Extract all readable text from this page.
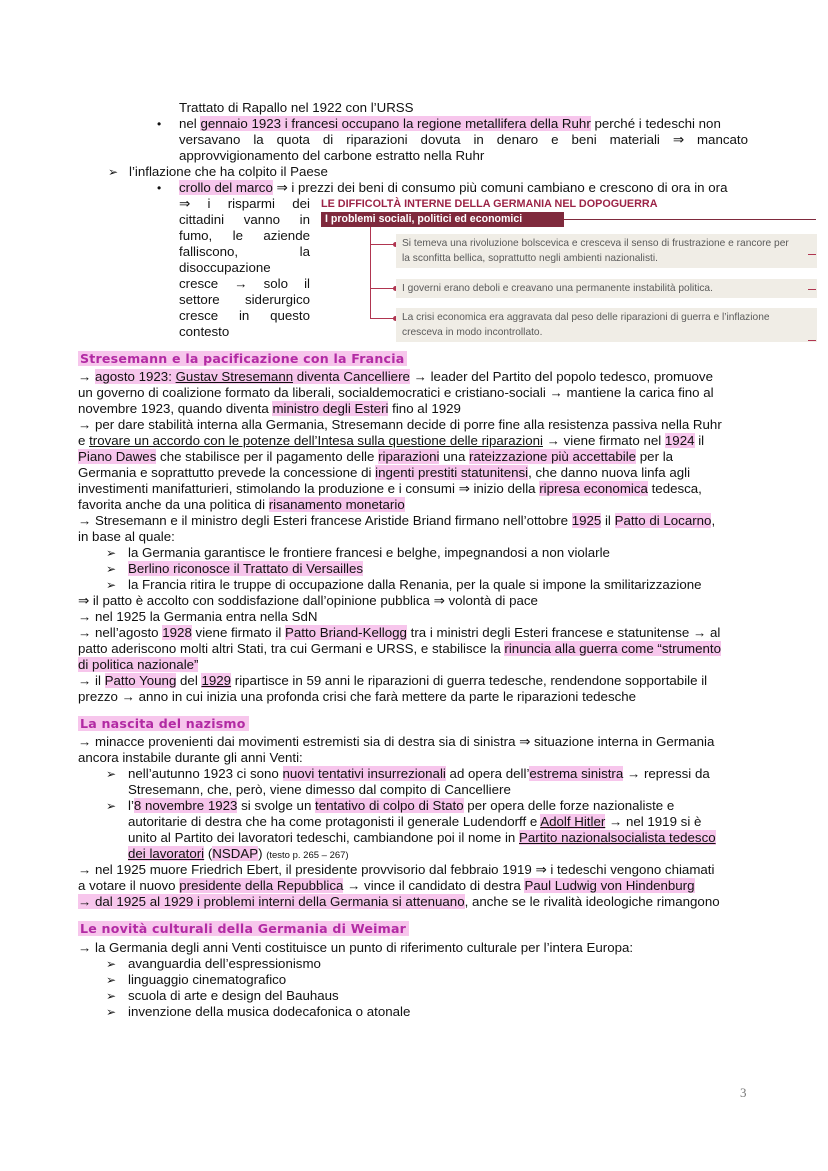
Trattato di Rapallo nel 1922 con l’URSS
• nel gennaio 1923 i francesi occupano la regione metallifera della Ruhr perché i tedeschi non
versavano la quota di riparazioni dovuta in denaro e beni materiali ⇒ mancato
approvvigionamento del carbone estratto nella Ruhr
➢ l’inflazione che ha colpito il Paese
• crollo del marco ⇒ i prezzi dei beni di consumo più comuni cambiano e crescono di ora in ora
⇒ i risparmi dei
cittadini vanno in
fumo, le aziende
falliscono,	la
disoccupazione
cresce → solo il
settore siderurgico
cresce in questo
contesto
LE DIFFICOLTÀ INTERNE DELLA GERMANIA NEL DOPOGUERRA
I problemi sociali, politici ed economici
Si temeva una rivoluzione bolscevica e cresceva il senso di frustrazione e rancore per
la sconfitta bellica, soprattutto negli ambienti nazionalisti.
I governi erano deboli e creavano una permanente instabilità politica.
La crisi economica era aggravata dal peso delle riparazioni di guerra e l’inflazione
cresceva in modo incontrollato.
Stresemann e la pacificazione con la Francia
→ agosto 1923: Gustav Stresemann diventa Cancelliere → leader del Partito del popolo tedesco, promuove
un governo di coalizione formato da liberali, socialdemocratici e cristiano-sociali → mantiene la carica fino al
novembre 1923, quando diventa ministro degli Esteri fino al 1929
→ per dare stabilità interna alla Germania, Stresemann decide di porre fine alla resistenza passiva nella Ruhr
e trovare un accordo con le potenze dell’Intesa sulla questione delle riparazioni → viene firmato nel 1924 il
Piano Dawes che stabilisce per il pagamento delle riparazioni una rateizzazione più accettabile per la
Germania e soprattutto prevede la concessione di ingenti prestiti statunitensi, che danno nuova linfa agli
investimenti manifatturieri, stimolando la produzione e i consumi ⇒ inizio della ripresa economica tedesca,
favorita anche da una politica di risanamento monetario
→ Stresemann e il ministro degli Esteri francese Aristide Briand firmano nell’ottobre 1925 il Patto di Locarno,
in base al quale:
➢ la Germania garantisce le frontiere francesi e belghe, impegnandosi a non violarle
➢ Berlino riconosce il Trattato di Versailles
➢ la Francia ritira le truppe di occupazione dalla Renania, per la quale si impone la smilitarizzazione
⇒ il patto è accolto con soddisfazione dall’opinione pubblica ⇒ volontà di pace
→ nel 1925 la Germania entra nella SdN
→ nell’agosto 1928 viene firmato il Patto Briand-Kellogg tra i ministri degli Esteri francese e statunitense → al
patto aderiscono molti altri Stati, tra cui Germani e URSS, e stabilisce la rinuncia alla guerra come “strumento
di politica nazionale”
→ il Patto Young del 1929 ripartisce in 59 anni le riparazioni di guerra tedesche, rendendone sopportabile il
prezzo → anno in cui inizia una profonda crisi che farà mettere da parte le riparazioni tedesche
La nascita del nazismo
→ minacce provenienti dai movimenti estremisti sia di destra sia di sinistra ⇒ situazione interna in Germania
ancora instabile durante gli anni Venti:
➢ nell’autunno 1923 ci sono nuovi tentativi insurrezionali ad opera dell’estrema sinistra → repressi da
Stresemann, che, però, viene dimesso dal compito di Cancelliere
➢ l’8 novembre 1923 si svolge un tentativo di colpo di Stato per opera delle forze nazionaliste e
autoritarie di destra che ha come protagonisti il generale Ludendorff e Adolf Hitler → nel 1919 si è
unito al Partito dei lavoratori tedeschi, cambiandone poi il nome in Partito nazionalsocialista tedesco
dei lavoratori (NSDAP) (testo p. 265 – 267)
→ nel 1925 muore Friedrich Ebert, il presidente provvisorio dal febbraio 1919 ⇒ i tedeschi vengono chiamati
a votare il nuovo presidente della Repubblica → vince il candidato di destra Paul Ludwig von Hindenburg
→ dal 1925 al 1929 i problemi interni della Germania si attenuano, anche se le rivalità ideologiche rimangono
Le novità culturali della Germania di Weimar
→ la Germania degli anni Venti costituisce un punto di riferimento culturale per l’intera Europa:
➢ avanguardia dell’espressionismo
➢ linguaggio cinematografico
➢ scuola di arte e design del Bauhaus
➢ invenzione della musica dodecafonica o atonale
3
